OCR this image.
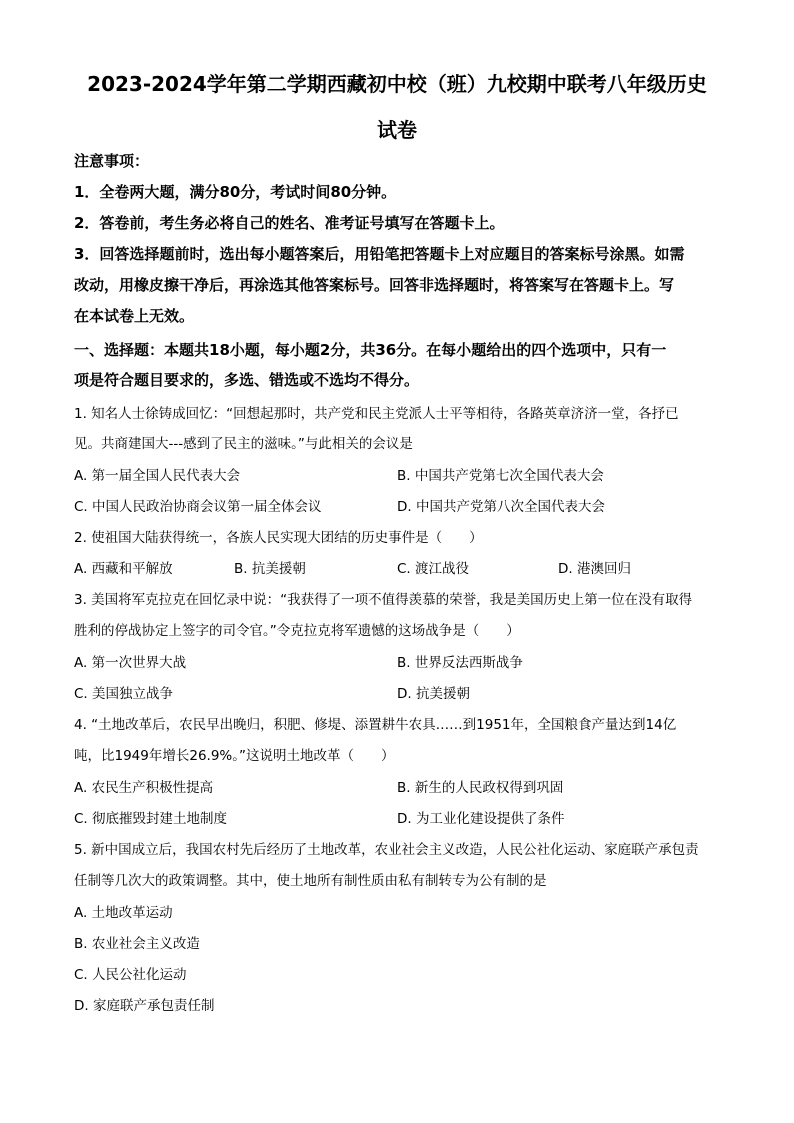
2023-2024学年第二学期西藏初中校（班）九校期中联考八年级历史
试卷
注意事项：
1．全卷两大题，满分80分，考试时间80分钟。
2．答卷前，考生务必将自己的姓名、准考证号填写在答题卡上。
3．回答选择题前时，选出每小题答案后，用铅笔把答题卡上对应题目的答案标号涂黑。如需
改动，用橡皮擦干净后，再涂选其他答案标号。回答非选择题时，将答案写在答题卡上。写
在本试卷上无效。
一、选择题：本题共18小题，每小题2分，共36分。在每小题给出的四个选项中，只有一
项是符合题目要求的，多选、错选或不选均不得分。
1. 知名人士徐铸成回忆：“回想起那时，共产党和民主党派人士平等相待，各路英章济济一堂，各抒已
见。共商建国大---感到了民主的滋味。”与此相关的会议是
A. 第一届全国人民代表大会	B. 中国共产党第七次全国代表大会
C. 中国人民政治协商会议第一届全体会议	D. 中国共产党第八次全国代表大会
2. 使祖国大陆获得统一，各族人民实现大团结的历史事件是（　　）
A. 西藏和平解放	B. 抗美援朝	C. 渡江战役	D. 港澳回归
3. 美国将军克拉克在回忆录中说：“我获得了一项不值得羡慕的荣誉，我是美国历史上第一位在没有取得
胜利的停战协定上签字的司令官。”令克拉克将军遗憾的这场战争是（　　）
A. 第一次世界大战	B. 世界反法西斯战争
C. 美国独立战争	D. 抗美援朝
4. “土地改革后，农民早出晚归，积肥、修堤、添置耕牛农具……到1951年，全国粮食产量达到14亿
吨，比1949年增长26.9%。”这说明土地改革（　　）
A. 农民生产积极性提高	B. 新生的人民政权得到巩固
C. 彻底摧毁封建土地制度	D. 为工业化建设提供了条件
5. 新中国成立后，我国农村先后经历了土地改革，农业社会主义改造，人民公社化运动、家庭联产承包责
任制等几次大的政策调整。其中，使土地所有制性质由私有制转专为公有制的是
A. 土地改革运动
B. 农业社会主义改造
C. 人民公社化运动
D. 家庭联产承包责任制
